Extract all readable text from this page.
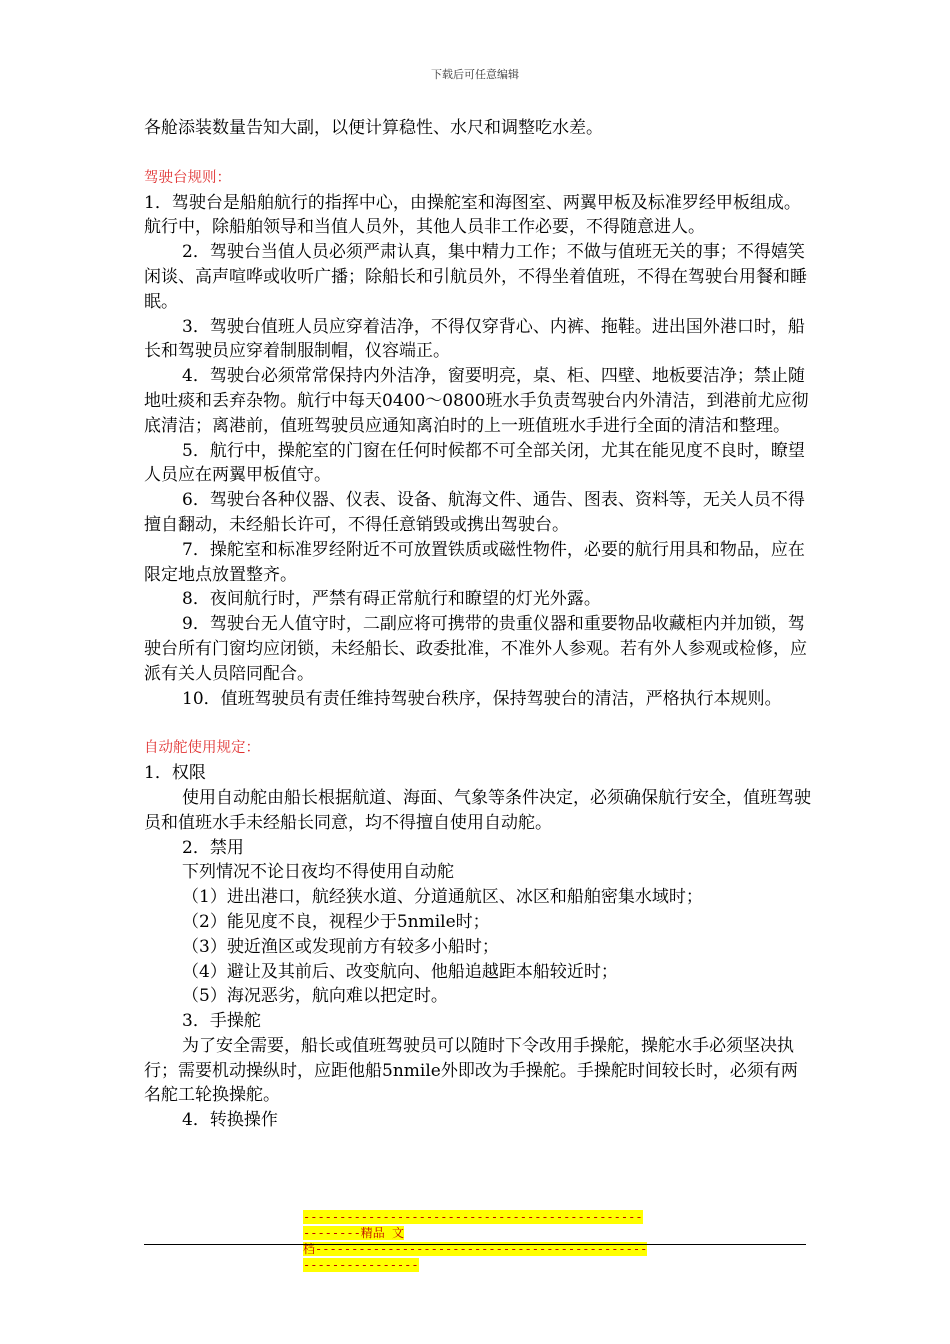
下载后可任意编辑

各舱添装数量告知大副，以便计算稳性、水尺和调整吃水差。

驾驶台规则：

1．驾驶台是船舶航行的指挥中心，由操舵室和海图室、两翼甲板及标准罗经甲板组成。航行中，除船舶领导和当值人员外，其他人员非工作必要，不得随意进人。

2．驾驶台当值人员必须严肃认真，集中精力工作；不做与值班无关的事；不得嬉笑闲谈、高声喧哗或收听广播；除船长和引航员外，不得坐着值班，不得在驾驶台用餐和睡眠。

3．驾驶台值班人员应穿着洁净，不得仅穿背心、内裤、拖鞋。进出国外港口时，船长和驾驶员应穿着制服制帽，仪容端正。

4．驾驶台必须常常保持内外洁净，窗要明亮，桌、柜、四壁、地板要洁净；禁止随地吐痰和丢弃杂物。航行中每天0400～0800班水手负责驾驶台内外清洁，到港前尤应彻底清洁；离港前，值班驾驶员应通知离泊时的上一班值班水手进行全面的清洁和整理。

5．航行中，操舵室的门窗在任何时候都不可全部关闭，尤其在能见度不良时，瞭望人员应在两翼甲板值守。

6．驾驶台各种仪器、仪表、设备、航海文件、通告、图表、资料等，无关人员不得擅自翻动，未经船长许可，不得任意销毁或携出驾驶台。

7．操舵室和标准罗经附近不可放置铁质或磁性物件，必要的航行用具和物品，应在限定地点放置整齐。

8．夜间航行时，严禁有碍正常航行和瞭望的灯光外露。

9．驾驶台无人值守时，二副应将可携带的贵重仪器和重要物品收藏柜内并加锁，驾驶台所有门窗均应闭锁，未经船长、政委批准，不准外人参观。若有外人参观或检修，应派有关人员陪同配合。

10．值班驾驶员有责任维持驾驶台秩序，保持驾驶台的清洁，严格执行本规则。

自动舵使用规定：

1．权限

使用自动舵由船长根据航道、海面、气象等条件决定，必须确保航行安全，值班驾驶员和值班水手未经船长同意，均不得擅自使用自动舵。

2．禁用

下列情况不论日夜均不得使用自动舵

（1）进出港口，航经狭水道、分道通航区、冰区和船舶密集水域时；

（2）能见度不良，视程少于5nmile时；

（3）驶近渔区或发现前方有较多小船时；

（4）避让及其前后、改变航向、他船追越距本船较近时；

（5）海况恶劣，航向难以把定时。

3．手操舵

为了安全需要，船长或值班驾驶员可以随时下令改用手操舵，操舵水手必须坚决执行；需要机动操纵时，应距他船5nmile外即改为手操舵。手操舵时间较长时，必须有两名舵工轮换操舵。

4．转换操作

-------------------------------------------------------精品 文
档--------------------------------------------------------------
